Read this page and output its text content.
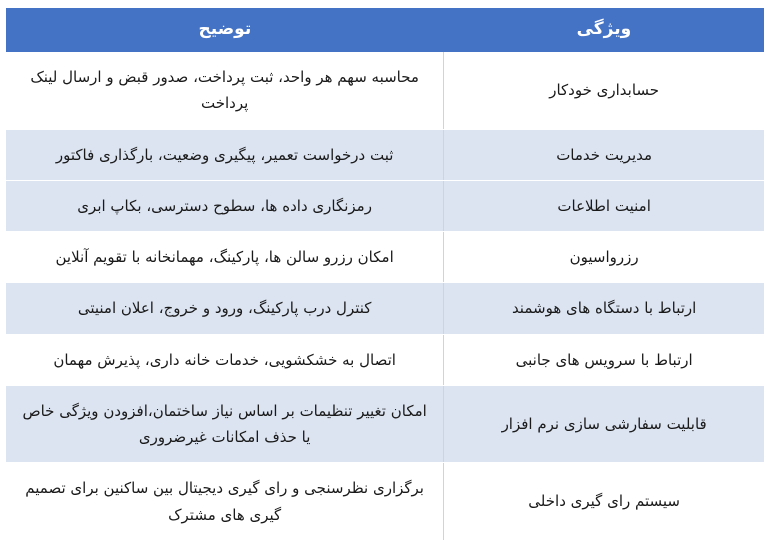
ویژگی	توضیح

حسابداری خودکار	محاسبه سهم هر واحد، ثبت پرداخت، صدور قبض و ارسال لینک پرداخت

مدیریت خدمات	ثبت درخواست تعمیر، پیگیری وضعیت، بارگذاری فاکتور

امنیت اطلاعات	رمزنگاری داده ها، سطوح دسترسی، بکاپ ابری

رزرواسیون	امکان رزرو سالن ها، پارکینگ، مهمانخانه با تقویم آنلاین

ارتباط با دستگاه های هوشمند	کنترل درب پارکینگ، ورود و خروج، اعلان امنیتی

ارتباط با سرویس های جانبی	اتصال به خشکشویی، خدمات خانه داری، پذیرش مهمان

قابلیت سفارشی سازی نرم افزار	امکان تغییر تنظیمات بر اساس نیاز ساختمان،افزودن ویژگی خاص یا حذف امکانات غیرضروری

سیستم رای گیری داخلی	برگزاری نظرسنجی و رای گیری دیجیتال بین ساکنین برای تصمیم گیری های مشترک
